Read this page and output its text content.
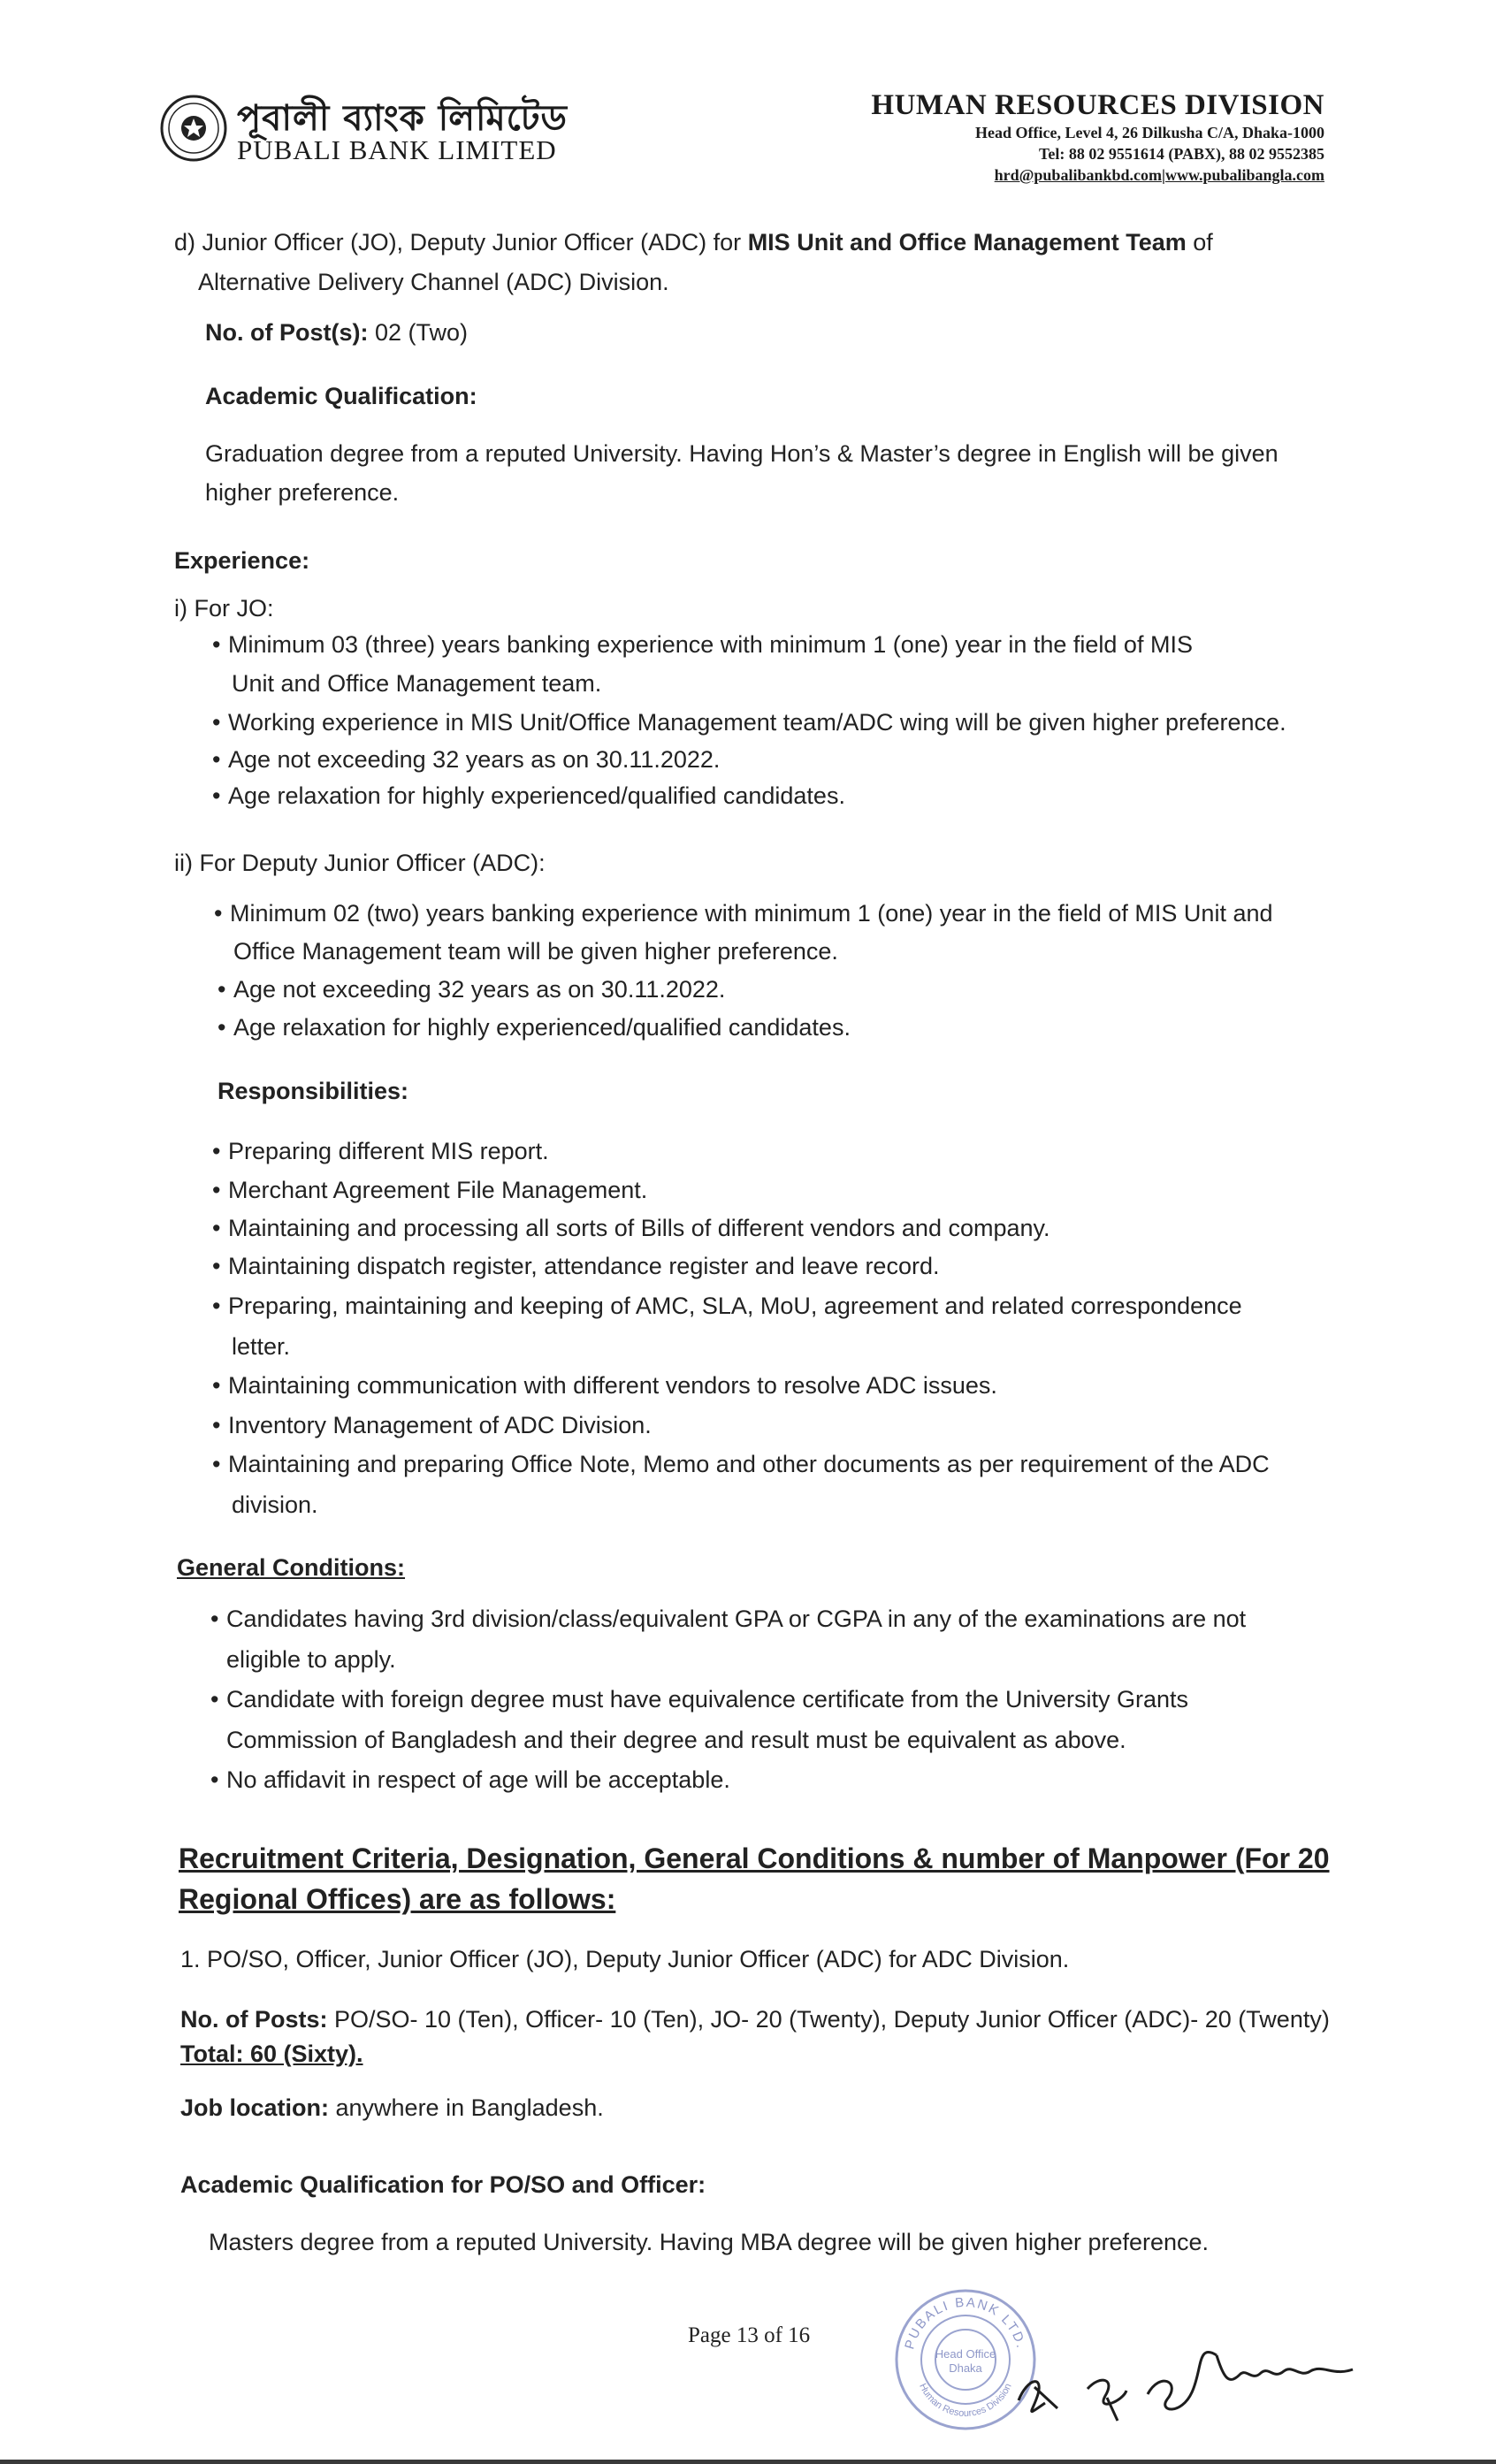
পূবালী ব্যাংক লিমিটেড
PUBALI BANK LIMITED
HUMAN RESOURCES DIVISION
Head Office, Level 4, 26 Dilkusha C/A, Dhaka-1000
Tel: 88 02 9551614 (PABX), 88 02 9552385
hrd@pubalibankbd.com|www.pubalibangla.com
d) Junior Officer (JO), Deputy Junior Officer (ADC) for MIS Unit and Office Management Team of
Alternative Delivery Channel (ADC) Division.
No. of Post(s): 02 (Two)
Academic Qualification:
Graduation degree from a reputed University. Having Hon’s & Master’s degree in English will be given
higher preference.
Experience:
i) For JO:
• Minimum 03 (three) years banking experience with minimum 1 (one) year in the field of MIS
Unit and Office Management team.
• Working experience in MIS Unit/Office Management team/ADC wing will be given higher preference.
• Age not exceeding 32 years as on 30.11.2022.
• Age relaxation for highly experienced/qualified candidates.
ii) For Deputy Junior Officer (ADC):
• Minimum 02 (two) years banking experience with minimum 1 (one) year in the field of MIS Unit and
Office Management team will be given higher preference.
• Age not exceeding 32 years as on 30.11.2022.
• Age relaxation for highly experienced/qualified candidates.
Responsibilities:
• Preparing different MIS report.
• Merchant Agreement File Management.
• Maintaining and processing all sorts of Bills of different vendors and company.
• Maintaining dispatch register, attendance register and leave record.
• Preparing, maintaining and keeping of AMC, SLA, MoU, agreement and related correspondence
letter.
• Maintaining communication with different vendors to resolve ADC issues.
• Inventory Management of ADC Division.
• Maintaining and preparing Office Note, Memo and other documents as per requirement of the ADC
division.
General Conditions:
• Candidates having 3rd division/class/equivalent GPA or CGPA in any of the examinations are not
eligible to apply.
• Candidate with foreign degree must have equivalence certificate from the University Grants
Commission of Bangladesh and their degree and result must be equivalent as above.
• No affidavit in respect of age will be acceptable.
Recruitment Criteria, Designation, General Conditions & number of Manpower (For 20
Regional Offices) are as follows:
1. PO/SO, Officer, Junior Officer (JO), Deputy Junior Officer (ADC) for ADC Division.
No. of Posts: PO/SO- 10 (Ten), Officer- 10 (Ten), JO- 20 (Twenty), Deputy Junior Officer (ADC)- 20 (Twenty)
Total: 60 (Sixty).
Job location: anywhere in Bangladesh.
Academic Qualification for PO/SO and Officer:
Masters degree from a reputed University. Having MBA degree will be given higher preference.
Page 13 of 16	PUBALI BANK LTD.
Human Resources Division
Head Office
Dhaka
